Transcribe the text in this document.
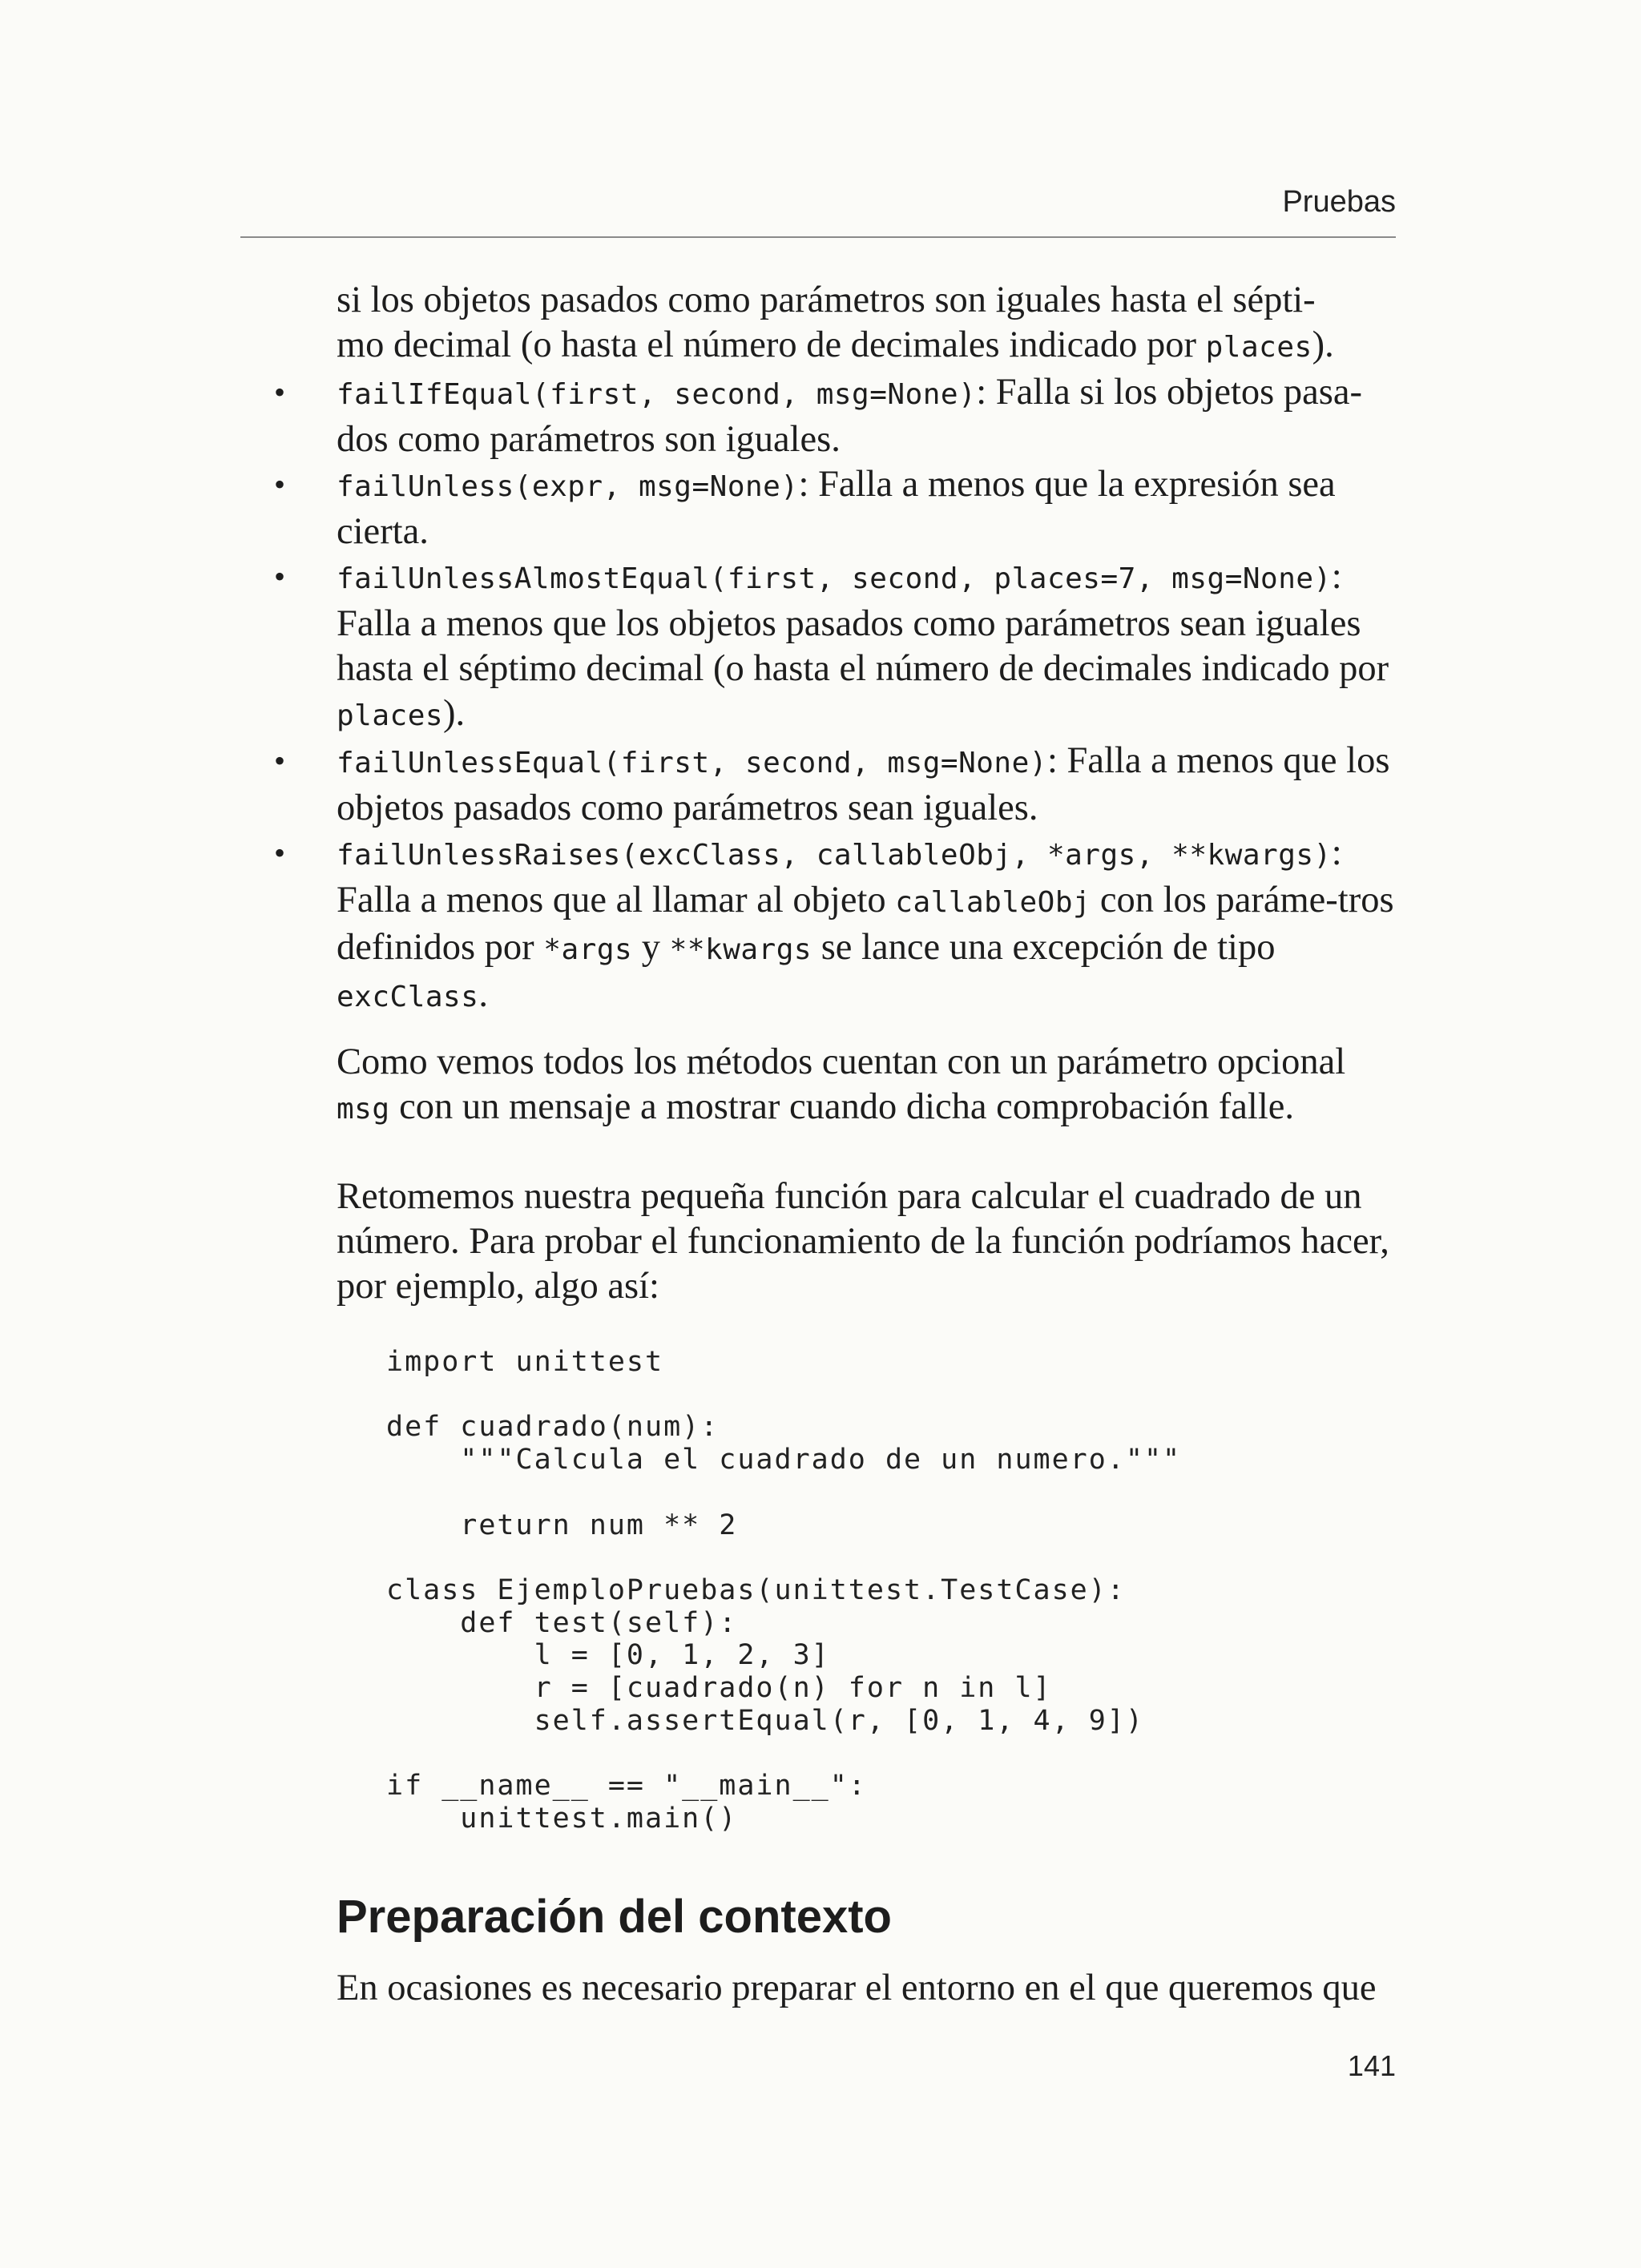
Pruebas
si los objetos pasados como parámetros son iguales hasta el sépti-
mo decimal (o hasta el número de decimales indicado por places).
• failIfEqual(first, second, msg=None): Falla si los objetos pasa-dos como parámetros son iguales.
• failUnless(expr, msg=None): Falla a menos que la expresión sea cierta.
• failUnlessAlmostEqual(first, second, places=7, msg=None): Falla a menos que los objetos pasados como parámetros sean iguales hasta el séptimo decimal (o hasta el número de decimales indicado por places).
• failUnlessEqual(first, second, msg=None): Falla a menos que los objetos pasados como parámetros sean iguales.
• failUnlessRaises(excClass, callableObj, *args, **kwargs): Falla a menos que al llamar al objeto callableObj con los paráme-tros definidos por *args y **kwargs se lance una excepción de tipo excClass.

Como vemos todos los métodos cuentan con un parámetro opcional msg con un mensaje a mostrar cuando dicha comprobación falle.

Retomemos nuestra pequeña función para calcular el cuadrado de un número. Para probar el funcionamiento de la función podríamos hacer, por ejemplo, algo así:

import unittest

def cuadrado(num):
"""Calcula el cuadrado de un numero."""

return num ** 2

class EjemploPruebas(unittest.TestCase):
def test(self):
l = [0, 1, 2, 3]
r = [cuadrado(n) for n in l]
self.assertEqual(r, [0, 1, 4, 9])

if __name__ == "__main__":
unittest.main()
Preparación del contexto

En ocasiones es necesario preparar el entorno en el que queremos que

141
